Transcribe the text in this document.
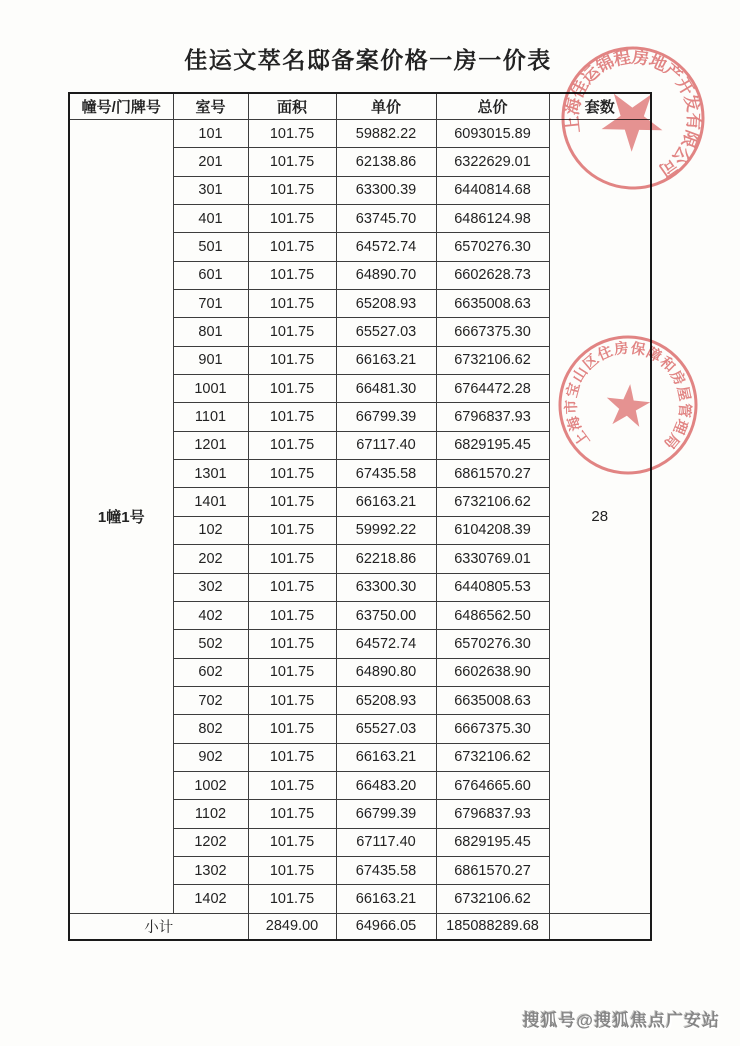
佳运文萃名邸备案价格一房一价表
幢号/门牌号	室号	面积	单价	总价	套数
1幢1号	101	101.75	59882.22	6093015.89	28
	201	101.75	62138.86	6322629.01	
	301	101.75	63300.39	6440814.68	
	401	101.75	63745.70	6486124.98	
	501	101.75	64572.74	6570276.30	
	601	101.75	64890.70	6602628.73	
	701	101.75	65208.93	6635008.63	
	801	101.75	65527.03	6667375.30	
	901	101.75	66163.21	6732106.62	
	1001	101.75	66481.30	6764472.28	
	1101	101.75	66799.39	6796837.93	
	1201	101.75	67117.40	6829195.45	
	1301	101.75	67435.58	6861570.27	
	1401	101.75	66163.21	6732106.62	
	102	101.75	59992.22	6104208.39	
	202	101.75	62218.86	6330769.01	
	302	101.75	63300.30	6440805.53	
	402	101.75	63750.00	6486562.50	
	502	101.75	64572.74	6570276.30	
	602	101.75	64890.80	6602638.90	
	702	101.75	65208.93	6635008.63	
	802	101.75	65527.03	6667375.30	
	902	101.75	66163.21	6732106.62	
	1002	101.75	66483.20	6764665.60	
	1102	101.75	66799.39	6796837.93	
	1202	101.75	67117.40	6829195.45	
	1302	101.75	67435.58	6861570.27	
	1402	101.75	66163.21	6732106.62	
小计		2849.00	64966.05	185088289.68	
上海佳运锦程房地产开发有限公司
上海市宝山区住房保障和房屋管理局
搜狐号@搜狐焦点广安站
